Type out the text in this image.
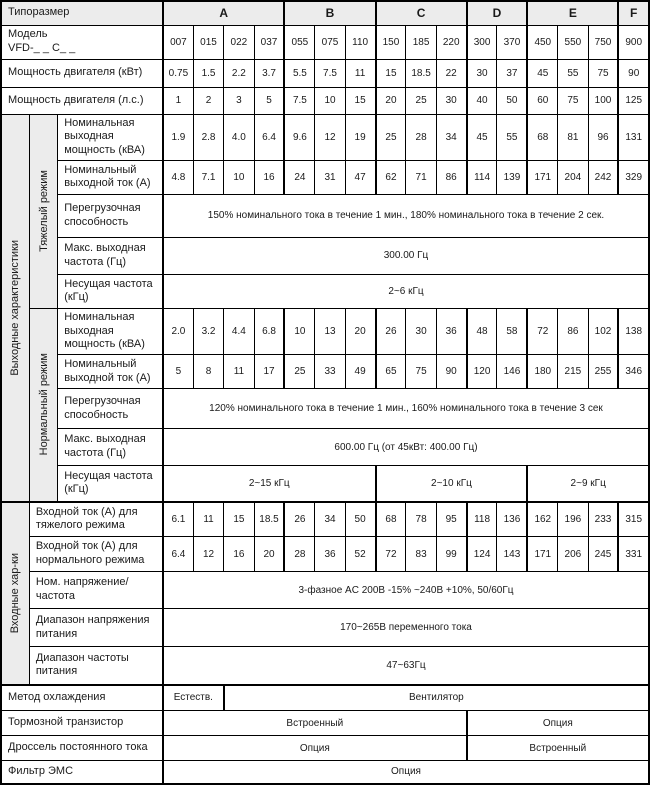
Типоразмер			A				B			C			D		E			F

Модель
VFD-_ _ C_ _			007	015	022	037	055	075	110	150	185	220	300	370	450	550	750	900
Мощность двигателя (кВт)			0.75	1.5	2.2	3.7	5.5	7.5	11	15	18.5	22	30	37	45	55	75	90
Мощность двигателя (л.с.)			1	2	3	5	7.5	10	15	20	25	30	40	50	60	75	100	125

Выходные характеристики	Тяжелый режим	Номинальная выходная мощность (кВА)	1.9	2.8	4.0	6.4	9.6	12	19	25	28	34	45	55	68	81	96	131
		Номинальный выходной ток (А)	4.8	7.1	10	16	24	31	47	62	71	86	114	139	171	204	242	329
		Перегрузочная способность	150% номинального тока в течение 1 мин., 180% номинального тока в течение 2 сек.															
		Макс. выходная частота (Гц)	300.00 Гц															
		Несущая частота (кГц)	2~6 кГц															

	Нормальный режим	Номинальная выходная мощность (кВА)	2.0	3.2	4.4	6.8	10	13	20	26	30	36	48	58	72	86	102	138
		Номинальный выходной ток (А)	5	8	11	17	25	33	49	65	75	90	120	146	180	215	255	346
		Перегрузочная способность	120% номинального тока в течение 1 мин., 160% номинального тока в течение 3 сек															
		Макс. выходная частота (Гц)	600.00 Гц (от 45кВт: 400.00 Гц)															
		Несущая частота (кГц)	2~15 кГц							2~10 кГц					2~9 кГц			

Входные хар-ки	Входной ток (А) для тяжелого режима		6.1	11	15	18.5	26	34	50	68	78	95	118	136	162	196	233	315
	Входной ток (А) для нормального режима		6.4	12	16	20	28	36	52	72	83	99	124	143	171	206	245	331
	Ном. напряжение/ частота		3-фазное AC 200В -15% ~240В +10%, 50/60Гц															
	Диапазон напряжения питания		170~265В переменного тока															
	Диапазон частоты питания		47~63Гц															
Метод охлаждения			Естеств.		Вентилятор													
Тормозной транзистор			Встроенный										Опция					
Дроссель постоянного тока			Опция										Встроенный					
Фильтр ЭМС			Опция															
